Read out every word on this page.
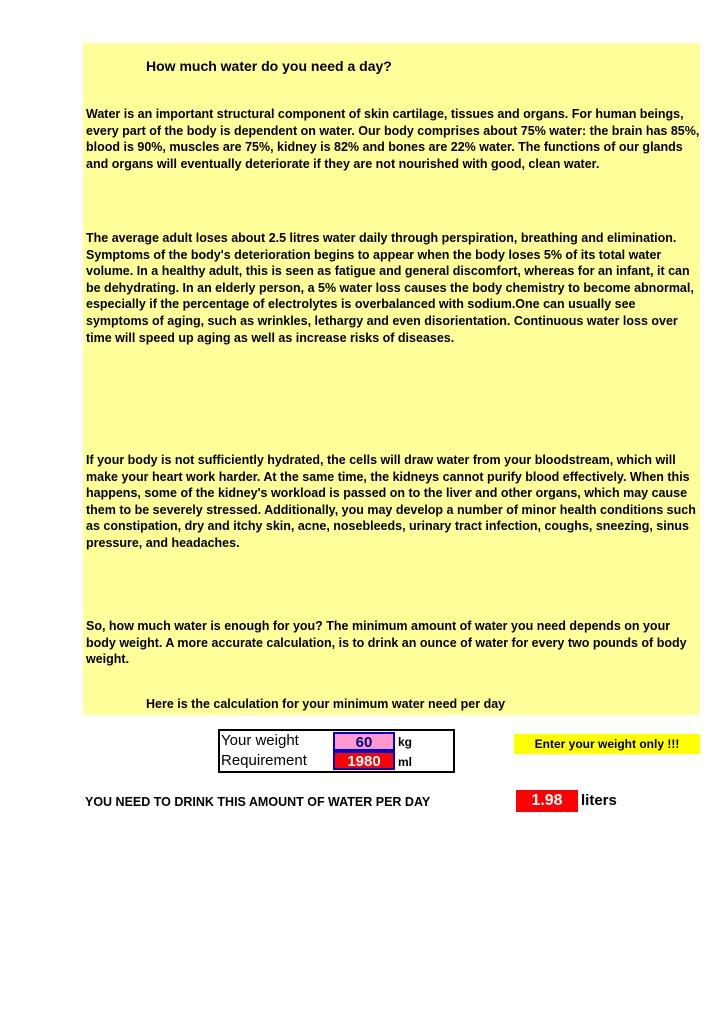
How much water do you need a day?

Water is an important structural component of skin cartilage, tissues and organs. For human beings, every part of the body is dependent on water. Our body comprises about 75% water: the brain has 85%, blood is 90%, muscles are 75%, kidney is 82% and bones are 22% water. The functions of our glands and organs will eventually deteriorate if they are not nourished with good, clean water.

The average adult loses about 2.5 litres water daily through perspiration, breathing and elimination. Symptoms of the body's deterioration begins to appear when the body loses 5% of its total water volume. In a healthy adult, this is seen as fatigue and general discomfort, whereas for an infant, it can be dehydrating. In an elderly person, a 5% water loss causes the body chemistry to become abnormal, especially if the percentage of electrolytes is overbalanced with sodium.One can usually see symptoms of aging, such as wrinkles, lethargy and even disorientation. Continuous water loss over time will speed up aging as well as increase risks of diseases.

If your body is not sufficiently hydrated, the cells will draw water from your bloodstream, which will make your heart work harder. At the same time, the kidneys cannot purify blood effectively. When this happens, some of the kidney's workload is passed on to the liver and other organs, which may cause them to be severely stressed. Additionally, you may develop a number of minor health conditions such as constipation, dry and itchy skin, acne, nosebleeds, urinary tract infection, coughs, sneezing, sinus pressure, and headaches.

So, how much water is enough for you? The minimum amount of water you need depends on your body weight. A more accurate calculation, is to drink an ounce of water for every two pounds of body weight.

Here is the calculation for your minimum water need per day

Your weight	60	kg
Requirement	1980	ml
Enter your weight only !!!
YOU NEED TO DRINK THIS AMOUNT OF WATER PER DAY	1.98	liters
